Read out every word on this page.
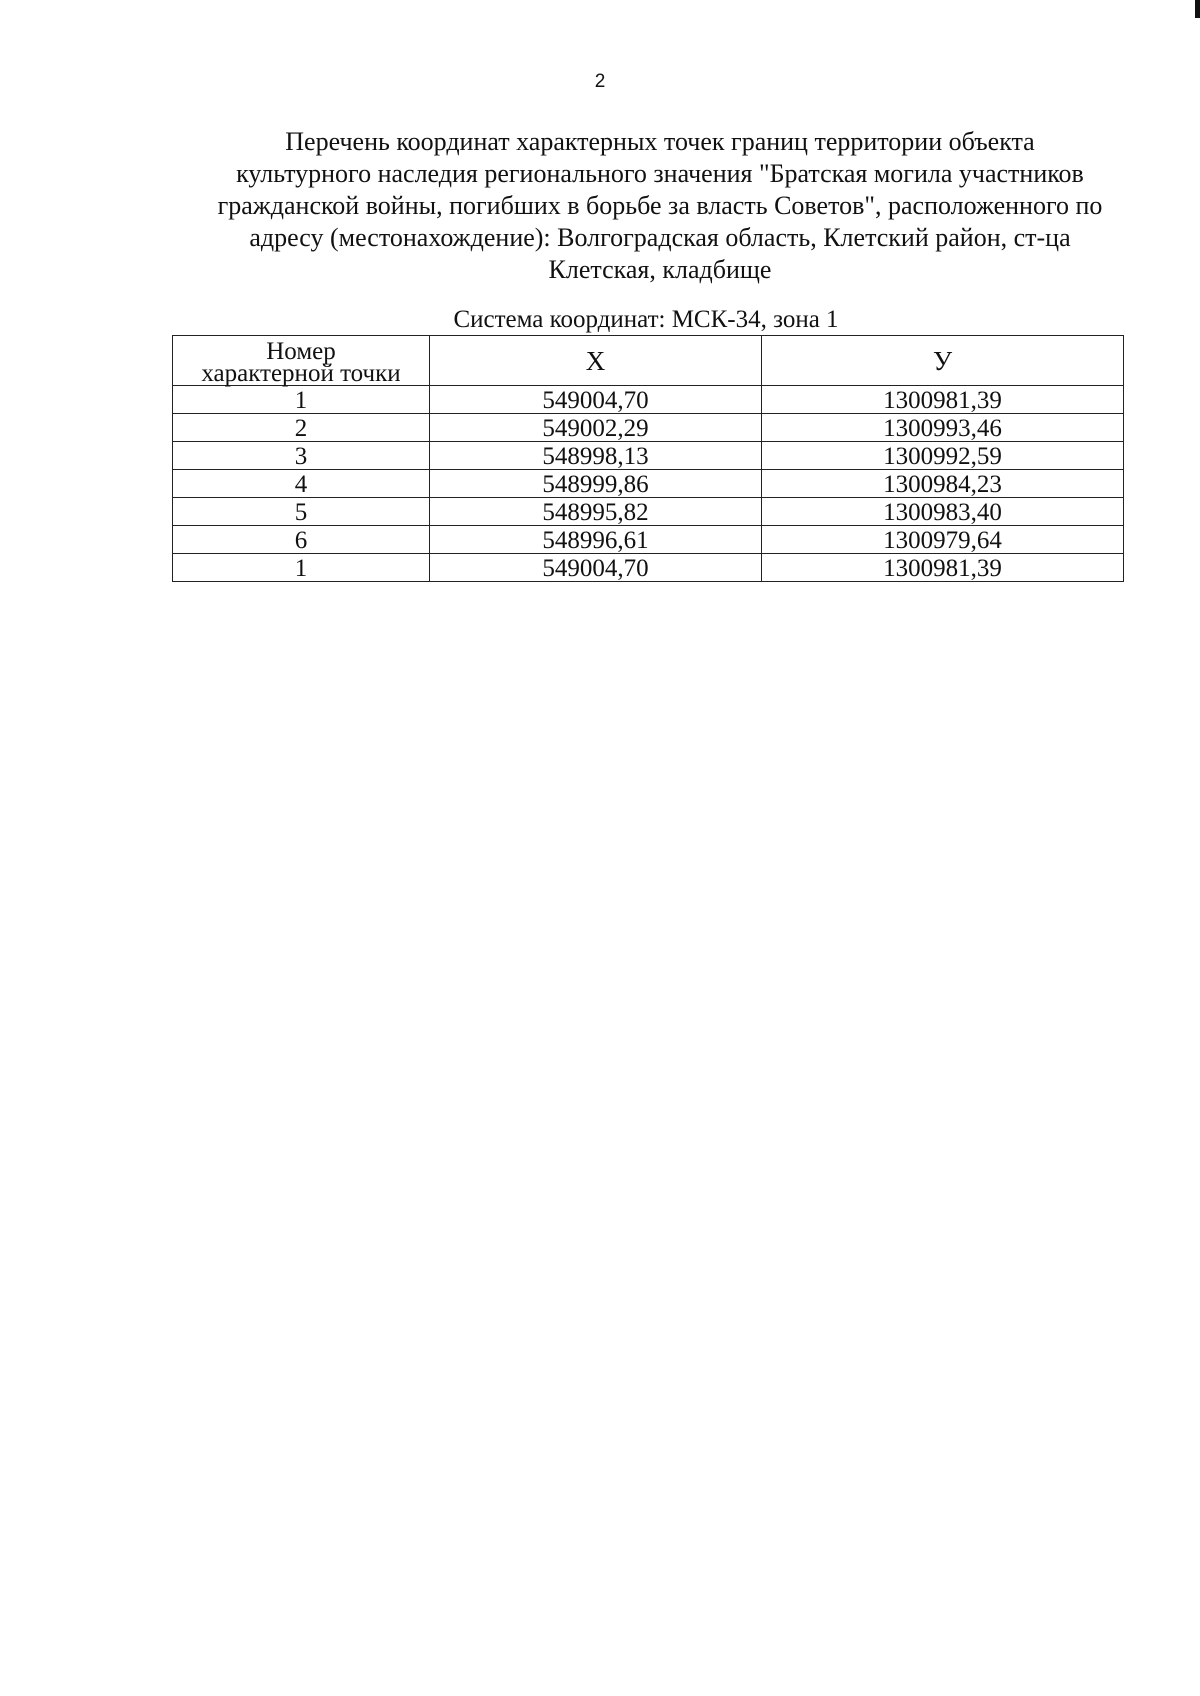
2
Перечень координат характерных точек границ территории объекта
культурного наследия регионального значения "Братская могила участников
гражданской войны, погибших в борьбе за власть Советов", расположенного по
адресу (местонахождение): Волгоградская область, Клетский район, ст-ца
Клетская, кладбище
Система координат: МСК-34, зона 1
Номер
характерной точки	X	У
1	549004,70	1300981,39
2	549002,29	1300993,46
3	548998,13	1300992,59
4	548999,86	1300984,23
5	548995,82	1300983,40
6	548996,61	1300979,64
1	549004,70	1300981,39
